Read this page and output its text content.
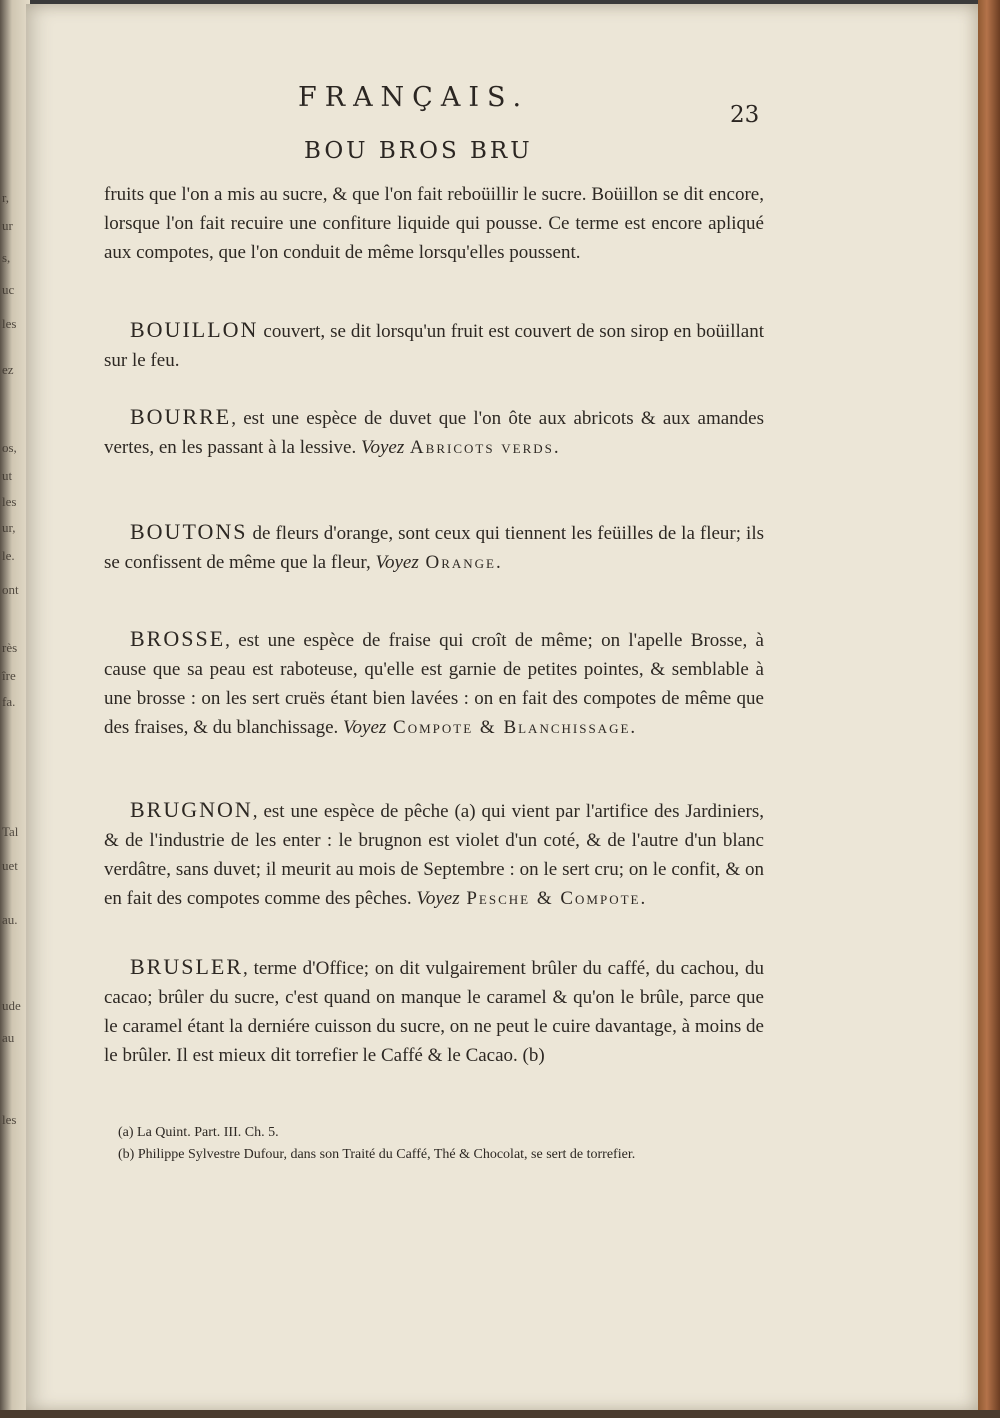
r,
ur
s,
uc
les
ez
os,
ut
les
ur,
le.
ont
rès
îre
fa.
Tal
uet
au.
ude
au
les
FRANÇAIS.
23
BOU BROS BRU
fruits que l'on a mis au sucre, & que l'on fait reboüillir le sucre. Boüillon se dit encore, lorsque l'on fait recuire une confiture liquide qui pousse. Ce terme est encore apliqué aux compotes, que l'on conduit de même lorsqu'elles poussent.
BOUILLON couvert, se dit lorsqu'un fruit est couvert de son sirop en boüillant sur le feu.
BOURRE, est une espèce de duvet que l'on ôte aux abricots & aux amandes vertes, en les passant à la lessive. Voyez Abricots verds.
BOUTONS de fleurs d'orange, sont ceux qui tiennent les feüilles de la fleur; ils se confissent de même que la fleur, Voyez Orange.
BROSSE, est une espèce de fraise qui croît de même; on l'apelle Brosse, à cause que sa peau est raboteuse, qu'elle est garnie de petites pointes, & semblable à une brosse : on les sert cruës étant bien lavées : on en fait des compotes de même que des fraises, & du blanchissage. Voyez Compote & Blanchissage.
BRUGNON, est une espèce de pêche (a) qui vient par l'artifice des Jardiniers, & de l'industrie de les enter : le brugnon est violet d'un coté, & de l'autre d'un blanc verdâtre, sans duvet; il meurit au mois de Septembre : on le sert cru; on le confit, & on en fait des compotes comme des pêches. Voyez Pesche & Compote.
BRUSLER, terme d'Office; on dit vulgairement brûler du caffé, du cachou, du cacao; brûler du sucre, c'est quand on manque le caramel & qu'on le brûle, parce que le caramel étant la derniére cuisson du sucre, on ne peut le cuire davantage, à moins de le brûler. Il est mieux dit torrefier le Caffé & le Cacao. (b)
(a) La Quint. Part. III. Ch. 5.
(b) Philippe Sylvestre Dufour, dans son Traité du Caffé, Thé & Chocolat, se sert de torrefier.
